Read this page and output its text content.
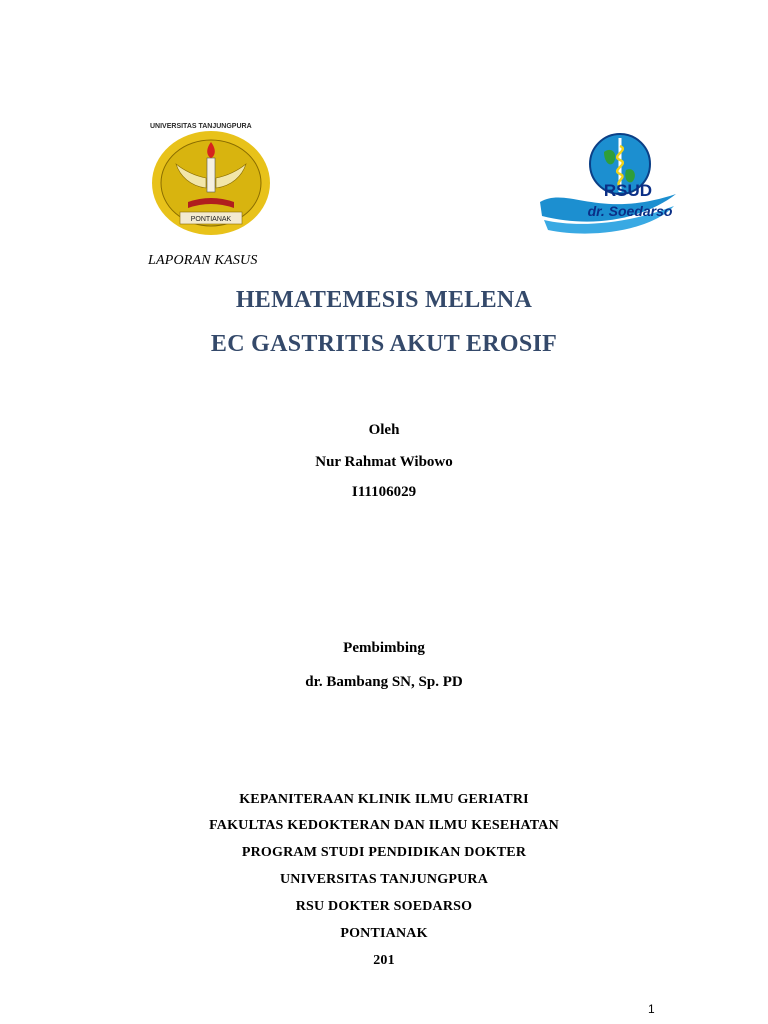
UNIVERSITAS TANJUNGPURA
PONTIANAK
RSUD
dr. Soedarso
LAPORAN KASUS
HEMATEMESIS MELENA
EC GASTRITIS AKUT EROSIF
Oleh
Nur Rahmat Wibowo
I11106029
Pembimbing
dr. Bambang SN, Sp. PD
KEPANITERAAN KLINIK ILMU GERIATRI
FAKULTAS KEDOKTERAN DAN ILMU KESEHATAN
PROGRAM STUDI PENDIDIKAN DOKTER
UNIVERSITAS TANJUNGPURA
RSU DOKTER SOEDARSO
PONTIANAK
201
1
